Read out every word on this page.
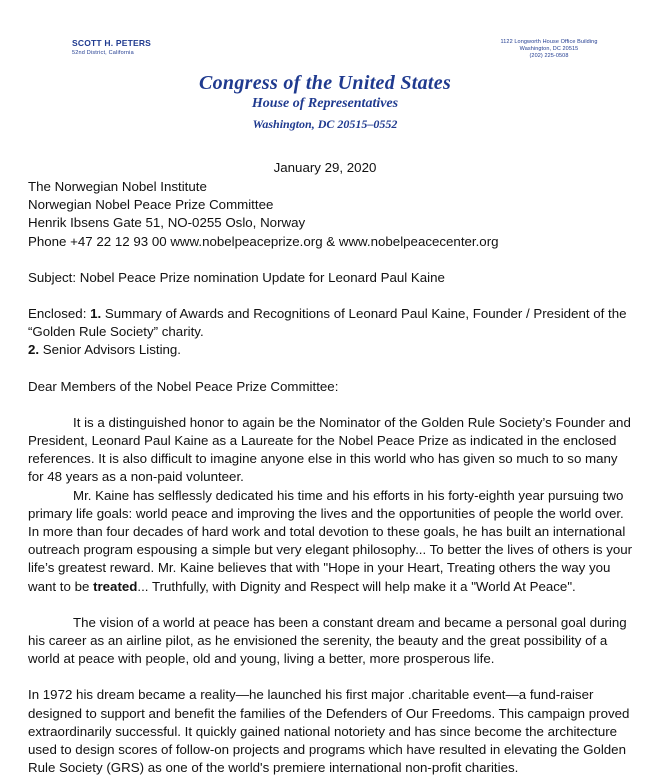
SCOTT H. PETERS
52nd District, California
1122 Longworth House Office Building
Washington, DC 20515
(202) 225-0508
Congress of the United States
House of Representatives
Washington, DC 20515–0552
January 29, 2020

The Norwegian Nobel Institute

Norwegian Nobel Peace Prize Committee

Henrik Ibsens Gate 51, NO-0255 Oslo, Norway

Phone +47 22 12 93 00 www.nobelpeaceprize.org & www.nobelpeacecenter.org

Subject: Nobel Peace Prize nomination Update for Leonard Paul Kaine

Enclosed: 1. Summary of Awards and Recognitions of Leonard Paul Kaine, Founder / President of the “Golden Rule Society” charity.

2. Senior Advisors Listing.

Dear Members of the Nobel Peace Prize Committee:

It is a distinguished honor to again be the Nominator of the Golden Rule Society’s Founder and President, Leonard Paul Kaine as a Laureate for the Nobel Peace Prize as indicated in the enclosed references. It is also difficult to imagine anyone else in this world who has given so much to so many for 48 years as a non-paid volunteer.

Mr. Kaine has selflessly dedicated his time and his efforts in his forty-eighth year pursuing two primary life goals: world peace and improving the lives and the opportunities of people the world over. In more than four decades of hard work and total devotion to these goals, he has built an international outreach program espousing a simple but very elegant philosophy... To better the lives of others is your life’s greatest reward. Mr. Kaine believes that with "Hope in your Heart, Treating others the way you want to be treated... Truthfully, with Dignity and Respect will help make it a "World At Peace".

The vision of a world at peace has been a constant dream and became a personal goal during his career as an airline pilot, as he envisioned the serenity, the beauty and the great possibility of a world at peace with people, old and young, living a better, more prosperous life.

In 1972 his dream became a reality—he launched his first major .charitable event—a fund-raiser designed to support and benefit the families of the Defenders of Our Freedoms. This campaign proved extraordinarily successful. It quickly gained national notoriety and has since become the architecture used to design scores of follow-on projects and programs which have resulted in elevating the Golden Rule Society (GRS) as one of the world's premiere international non-profit charities.
